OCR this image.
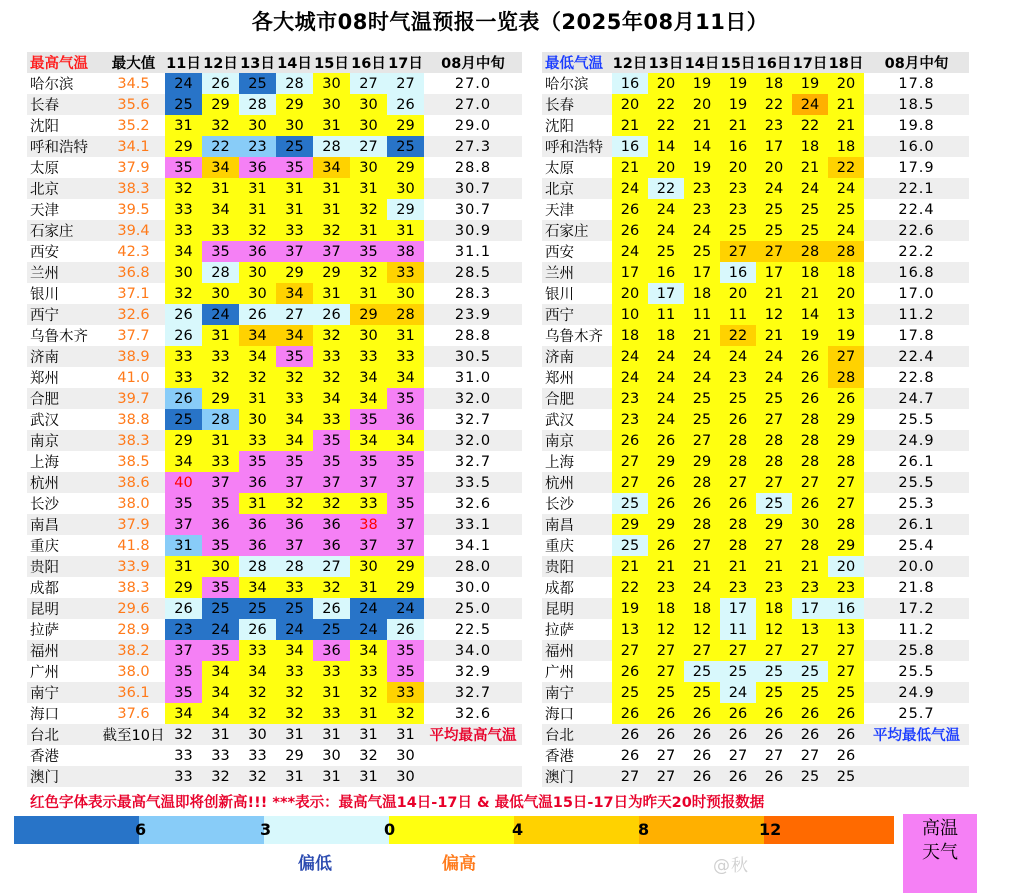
各大城市08时气温预报一览表（2025年08月11日）
最高气温	最大值	11日	12日	13日	14日	15日	16日	17日	08月中旬
哈尔滨	34.5	24	26	25	28	30	27	27	27.0
长春	35.6	25	29	28	29	30	30	26	27.0
沈阳	35.2	31	32	30	30	31	30	29	29.0
呼和浩特	34.1	29	22	23	25	28	27	25	27.3
太原	37.9	35	34	36	35	34	30	29	28.8
北京	38.3	32	31	31	31	31	31	30	30.7
天津	39.5	33	34	31	31	31	32	29	30.7
石家庄	39.4	33	33	32	33	32	31	31	30.9
西安	42.3	34	35	36	37	37	35	38	31.1
兰州	36.8	30	28	30	29	29	32	33	28.5
银川	37.1	32	30	30	34	31	31	30	28.3
西宁	32.6	26	24	26	27	26	29	28	23.9
乌鲁木齐	37.7	26	31	34	34	32	30	31	28.8
济南	38.9	33	33	34	35	33	33	33	30.5
郑州	41.0	33	32	32	32	32	34	34	31.0
合肥	39.7	26	29	31	33	34	34	35	32.0
武汉	38.8	25	28	30	34	33	35	36	32.7
南京	38.3	29	31	33	34	35	34	34	32.0
上海	38.5	34	33	35	35	35	35	35	32.7
杭州	38.6	40	37	36	37	37	37	37	33.5
长沙	38.0	35	35	31	32	32	33	35	32.6
南昌	37.9	37	36	36	36	36	38	37	33.1
重庆	41.8	31	35	36	37	36	37	37	34.1
贵阳	33.9	31	30	28	28	27	30	29	28.0
成都	38.3	29	35	34	33	32	31	29	30.0
昆明	29.6	26	25	25	25	26	24	24	25.0
拉萨	28.9	23	24	26	24	25	24	26	22.5
福州	38.2	37	35	33	34	36	34	35	34.0
广州	38.0	35	34	34	33	33	33	35	32.9
南宁	36.1	35	34	32	32	31	32	33	32.7
海口	37.6	34	34	32	32	33	31	32	32.6
台北	截至10日	32	31	30	31	31	31	31	平均最高气温
香港		33	33	33	29	30	32	30	
澳门		33	32	32	31	31	31	30	
最低气温	12日	13日	14日	15日	16日	17日	18日	08月中旬
哈尔滨	16	20	19	19	18	19	20	17.8
长春	20	22	20	19	22	24	21	18.5
沈阳	21	22	21	21	23	22	21	19.8
呼和浩特	16	14	14	16	17	18	18	16.0
太原	21	20	19	20	20	21	22	17.9
北京	24	22	23	23	24	24	24	22.1
天津	26	24	23	23	25	25	25	22.4
石家庄	26	24	24	25	25	25	24	22.6
西安	24	25	25	27	27	28	28	22.2
兰州	17	16	17	16	17	18	18	16.8
银川	20	17	18	20	21	21	20	17.0
西宁	10	11	11	11	12	14	13	11.2
乌鲁木齐	18	18	21	22	21	19	19	17.8
济南	24	24	24	24	24	26	27	22.4
郑州	24	24	24	23	24	26	28	22.8
合肥	23	24	25	25	25	26	26	24.7
武汉	23	24	25	26	27	28	29	25.5
南京	26	26	27	28	28	28	29	24.9
上海	27	29	29	28	28	28	28	26.1
杭州	27	26	28	27	27	27	27	25.5
长沙	25	26	26	26	25	26	27	25.3
南昌	29	29	28	28	29	30	28	26.1
重庆	25	26	27	28	27	28	29	25.4
贵阳	21	21	21	21	21	21	20	20.0
成都	22	23	24	23	23	23	23	21.8
昆明	19	18	18	17	18	17	16	17.2
拉萨	13	12	12	11	12	13	13	11.2
福州	27	27	27	27	27	27	27	25.8
广州	26	27	25	25	25	25	27	25.5
南宁	25	25	25	24	25	25	25	24.9
海口	26	26	26	26	26	26	26	25.7
台北	26	26	26	26	26	26	26	平均最低气温
香港	26	27	26	27	27	27	26	
澳门	27	27	26	26	26	25	25	
红色字体表示最高气温即将创新高!!! ***表示：最高气温14日-17日 & 最低气温15日-17日为昨天20时预报数据
6	3	0	4	8	12
偏低	偏高
高温
天气
@秋
